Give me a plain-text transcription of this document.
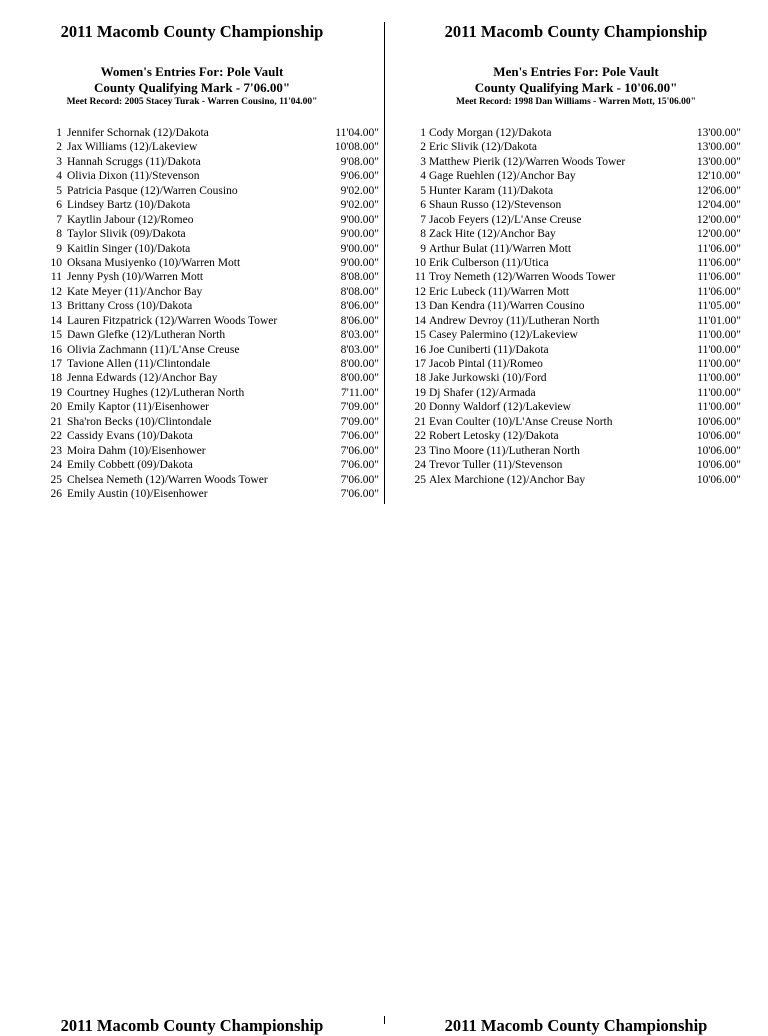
2011 Macomb County Championship
Women's Entries For: Pole Vault
County Qualifying Mark - 7'06.00"
Meet Record: 2005 Stacey Turak - Warren Cousino, 11'04.00"
1 Jennifer Schornak (12)/Dakota	11'04.00"
2 Jax Williams (12)/Lakeview	10'08.00"
3 Hannah Scruggs (11)/Dakota	9'08.00"
4 Olivia Dixon (11)/Stevenson	9'06.00"
5 Patricia Pasque (12)/Warren Cousino	9'02.00"
6 Lindsey Bartz (10)/Dakota	9'02.00"
7 Kaytlin Jabour (12)/Romeo	9'00.00"
8 Taylor Slivik (09)/Dakota	9'00.00"
9 Kaitlin Singer (10)/Dakota	9'00.00"
10 Oksana Musiyenko (10)/Warren Mott	9'00.00"
11 Jenny Pysh (10)/Warren Mott	8'08.00"
12 Kate Meyer (11)/Anchor Bay	8'08.00"
13 Brittany Cross (10)/Dakota	8'06.00"
14 Lauren Fitzpatrick (12)/Warren Woods Tower	8'06.00"
15 Dawn Glefke (12)/Lutheran North	8'03.00"
16 Olivia Zachmann (11)/L'Anse Creuse	8'03.00"
17 Tavione Allen (11)/Clintondale	8'00.00"
18 Jenna Edwards (12)/Anchor Bay	8'00.00"
19 Courtney Hughes (12)/Lutheran North	7'11.00"
20 Emily Kaptor (11)/Eisenhower	7'09.00"
21 Sha'ron Becks (10)/Clintondale	7'09.00"
22 Cassidy Evans (10)/Dakota	7'06.00"
23 Moira Dahm (10)/Eisenhower	7'06.00"
24 Emily Cobbett (09)/Dakota	7'06.00"
25 Chelsea Nemeth (12)/Warren Woods Tower	7'06.00"
26 Emily Austin (10)/Eisenhower	7'06.00"
2011 Macomb County Championship
Men's Entries For: Pole Vault
County Qualifying Mark - 10'06.00"
Meet Record: 1998 Dan Williams - Warren Mott, 15'06.00"
1 Cody Morgan (12)/Dakota	13'00.00"
2 Eric Slivik (12)/Dakota	13'00.00"
3 Matthew Pierik (12)/Warren Woods Tower	13'00.00"
4 Gage Ruehlen (12)/Anchor Bay	12'10.00"
5 Hunter Karam (11)/Dakota	12'06.00"
6 Shaun Russo (12)/Stevenson	12'04.00"
7 Jacob Feyers (12)/L'Anse Creuse	12'00.00"
8 Zack Hite (12)/Anchor Bay	12'00.00"
9 Arthur Bulat (11)/Warren Mott	11'06.00"
10 Erik Culberson (11)/Utica	11'06.00"
11 Troy Nemeth (12)/Warren Woods Tower	11'06.00"
12 Eric Lubeck (11)/Warren Mott	11'06.00"
13 Dan Kendra (11)/Warren Cousino	11'05.00"
14 Andrew Devroy (11)/Lutheran North	11'01.00"
15 Casey Palermino (12)/Lakeview	11'00.00"
16 Joe Cuniberti (11)/Dakota	11'00.00"
17 Jacob Pintal (11)/Romeo	11'00.00"
18 Jake Jurkowski (10)/Ford	11'00.00"
19 Dj Shafer (12)/Armada	11'00.00"
20 Donny Waldorf (12)/Lakeview	11'00.00"
21 Evan Coulter (10)/L'Anse Creuse North	10'06.00"
22 Robert Letosky (12)/Dakota	10'06.00"
23 Tino Moore (11)/Lutheran North	10'06.00"
24 Trevor Tuller (11)/Stevenson	10'06.00"
25 Alex Marchione (12)/Anchor Bay	10'06.00"
2011 Macomb County Championship	2011 Macomb County Championship
